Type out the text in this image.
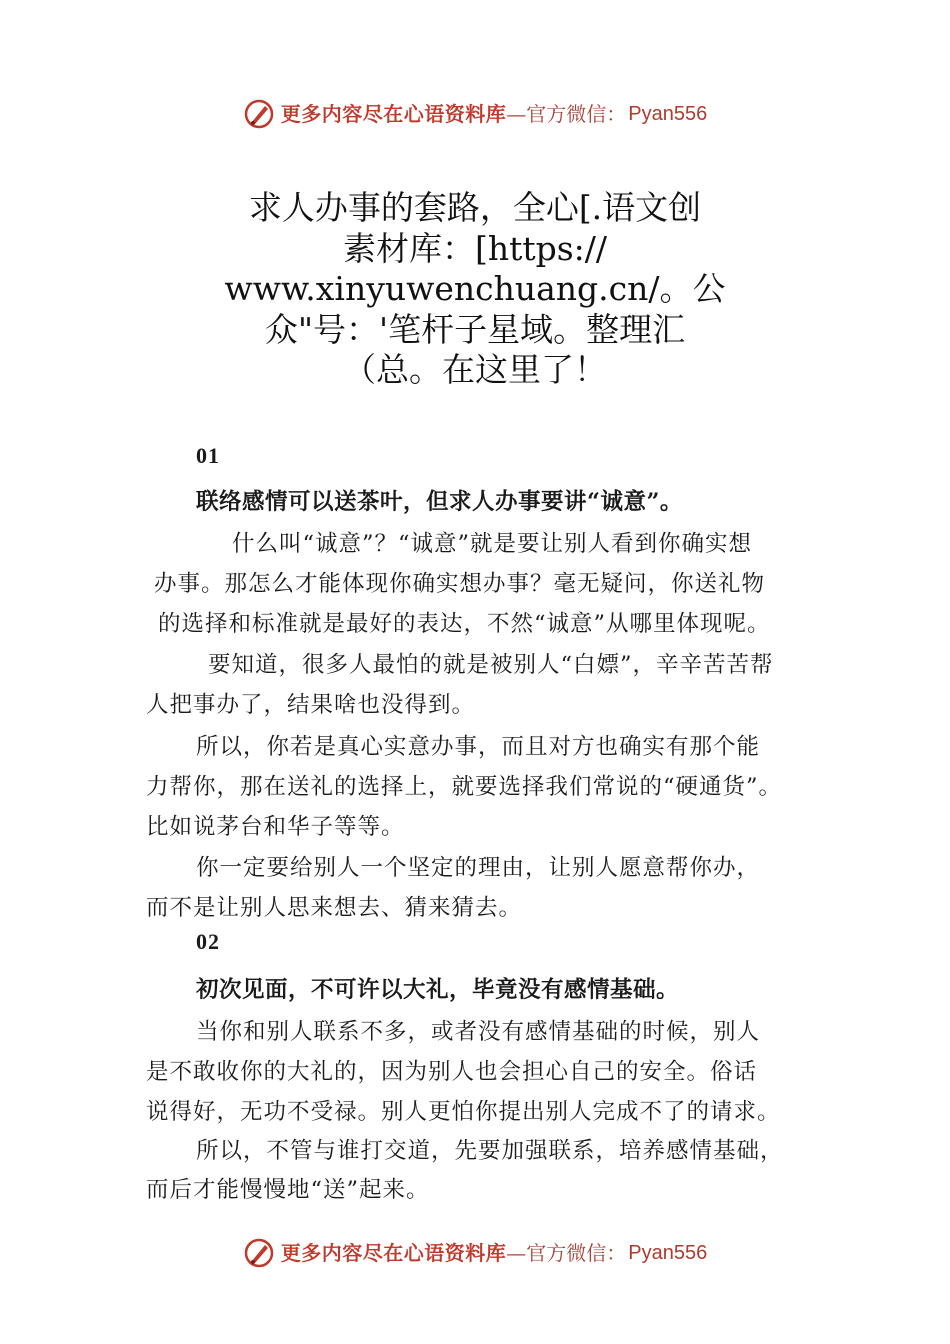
更多内容尽在心语资料库 — 官方微信： Pyan556
求人办事的套路，全心[.语文创
素材库：[https://
www.xinyuwenchuang.cn/。公
众"号：'笔杆子星域。整理汇
（总。在这里了！
01
联络感情可以送茶叶，但求人办事要讲“诚意”。
什么叫“诚意”？“诚意”就是要让别人看到你确实想
办事。那怎么才能体现你确实想办事？毫无疑问，你送礼物
的选择和标准就是最好的表达，不然“诚意”从哪里体现呢。
要知道，很多人最怕的就是被别人“白嫖”，辛辛苦苦帮
人把事办了，结果啥也没得到。
所以，你若是真心实意办事，而且对方也确实有那个能
力帮你，那在送礼的选择上，就要选择我们常说的“硬通货”。
比如说茅台和华子等等。
你一定要给别人一个坚定的理由，让别人愿意帮你办，
而不是让别人思来想去、猜来猜去。
02
初次见面，不可许以大礼，毕竟没有感情基础。
当你和别人联系不多，或者没有感情基础的时候，别人
是不敢收你的大礼的，因为别人也会担心自己的安全。俗话
说得好，无功不受禄。别人更怕你提出别人完成不了的请求。
所以，不管与谁打交道，先要加强联系，培养感情基础，
而后才能慢慢地“送”起来。
更多内容尽在心语资料库 — 官方微信： Pyan556
